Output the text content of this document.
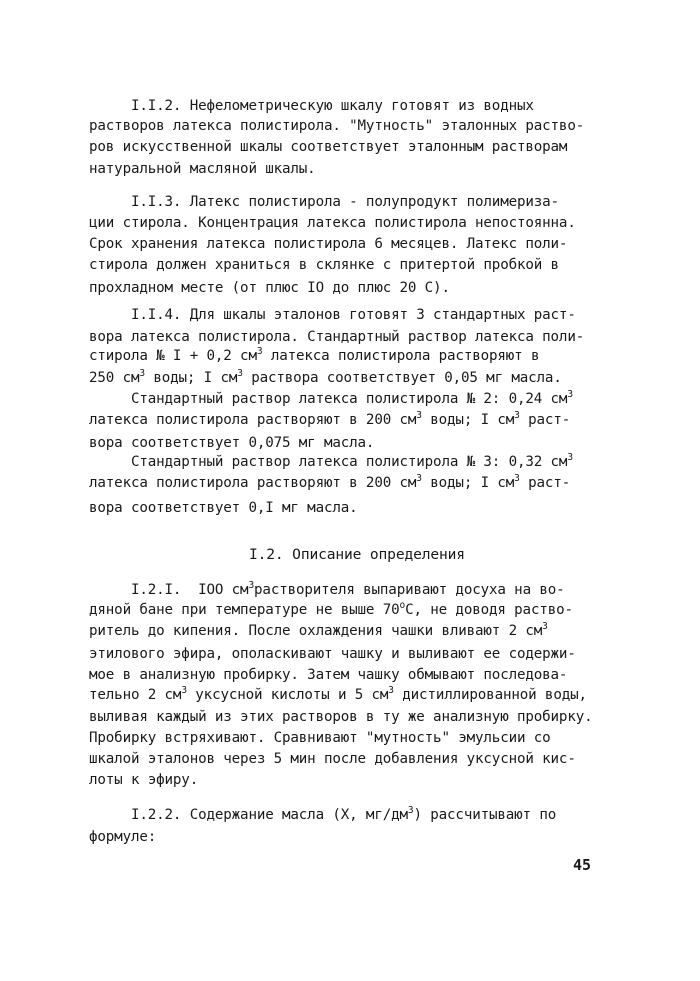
I.I.2. Нефелометрическую шкалу готовят из водных

растворов латекса полистирола. "Мутность" эталонных раство-

ров искусственной шкалы соответствует эталонным растворам

натуральной масляной шкалы.

I.I.3. Латекс полистирола - полупродукт полимериза-

ции стирола. Концентрация латекса полистирола непостоянна.

Срок хранения латекса полистирола 6 месяцев. Латекс поли-

стирола должен храниться в склянке с притертой пробкой в

прохладном месте (от плюс IO до плюс 20 С).

I.I.4. Для шкалы эталонов готовят 3 стандартных раст-

вора латекса полистирола. Стандартный раствор латекса поли-

стирола № I + 0,2 $см^3$ латекса полистирола растворяют в

250 $см^3$ воды; I $см^3$ раствора соответствует 0,05 мг масла.

Стандартный раствор латекса полистирола № 2: 0,24 $см^3$

латекса полистирола растворяют в 200 $см^3$ воды; I $см^3$ раст-

вора соответствует 0,075 мг масла.

Стандартный раствор латекса полистирола № 3: 0,32 $см^3$

латекса полистирола растворяют в 200 $см^3$ воды; I $см^3$ раст-

вора соответствует 0,I мг масла.

I.2. Описание определения

I.2.I.  IOO $см^3растворителя$ выпаривают досуха на во-

дяной бане при температуре не выше $70^оС$, не доводя раство-

ритель до кипения. После охлаждения чашки вливают 2 $см^3$

этилового эфира, ополаскивают чашку и выливают ее содержи-

мое в анализную пробирку. Затем чашку обмывают последова-

тельно 2 $см^3$ уксусной кислоты и 5 $см^3$ дистиллированной воды,

выливая каждый из этих растворов в ту же анализную пробирку.

Пробирку встряхивают. Сравнивают "мутность" эмульсии со

шкалой эталонов через 5 мин после добавления уксусной кис-

лоты к эфиру.

I.2.2. Содержание масла (X, $мг/дм^3$) рассчитывают по

формуле:

45
